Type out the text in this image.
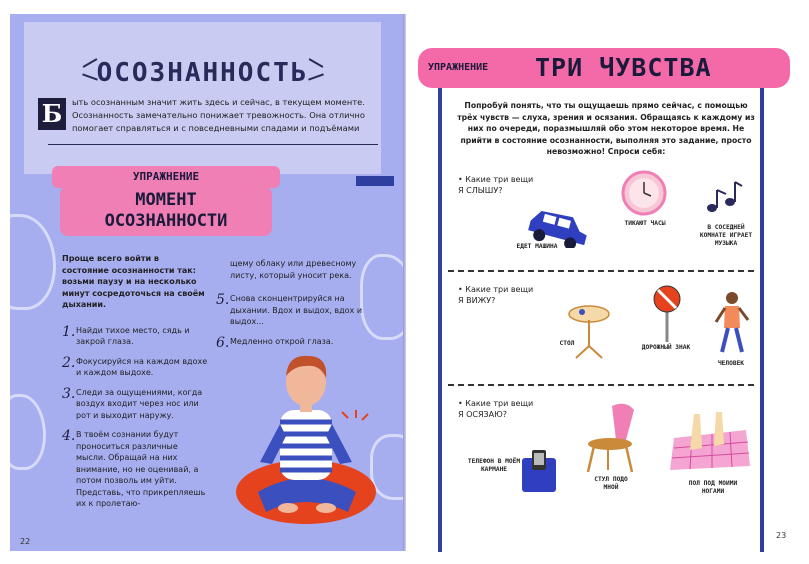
ОСОЗНАННОСТЬ
Б	ыть осознанным значит жить здесь и сейчас, в текущем моменте. Осознанность замечательно понижает тревожность. Она отлично помогает справляться и с повседневными спадами и подъёмами
УПРАЖНЕНИЕ
МОМЕНТ
ОСОЗНАННОСТИ
Проще всего войти в состояние осознанности так: возьми паузу и на несколько минут сосредоточься на своём дыхании.
1. Найди тихое место, сядь и закрой глаза.
2. Фокусируйся на каждом вдохе и каждом выдохе.
3. Следи за ощущениями, когда воздух входит через нос или рот и выходит наружу.
4. В твоём сознании будут проноситься различные мысли. Обращай на них внимание, но не оценивай, а потом позволь им уйти. Представь, что прикрепляешь их к пролетаю-
щему облаку или древесному листу, который уносит река.
5. Снова сконцентрируйся на дыхании. Вдох и выдох, вдох и выдох...
6. Медленно открой глаза.
22
УПРАЖНЕНИЕ	ТРИ ЧУВСТВА
Попробуй понять, что ты ощущаешь прямо сейчас, с помощью трёх чувств — слуха, зрения и осязания. Обращаясь к каждому из них по очереди, поразмышляй обо этом некоторое время. Не прийти в состояние осознанности, выполняя это задание, просто невозможно! Спроси себя:
• Какие три вещи
Я СЛЫШУ?
ЕДЕТ МАШИНА
ТИКАЮТ ЧАСЫ
В СОСЕДНЕЙ КОМНАТЕ ИГРАЕТ МУЗЫКА
• Какие три вещи
Я ВИЖУ?
СТОЛ
ДОРОЖНЫЙ ЗНАК
ЧЕЛОВЕК
• Какие три вещи
Я ОСЯЗАЮ?
ТЕЛЕФОН В МОЁМ КАРМАНЕ
СТУЛ ПОДО МНОЙ
ПОЛ ПОД МОИМИ НОГАМИ
23
